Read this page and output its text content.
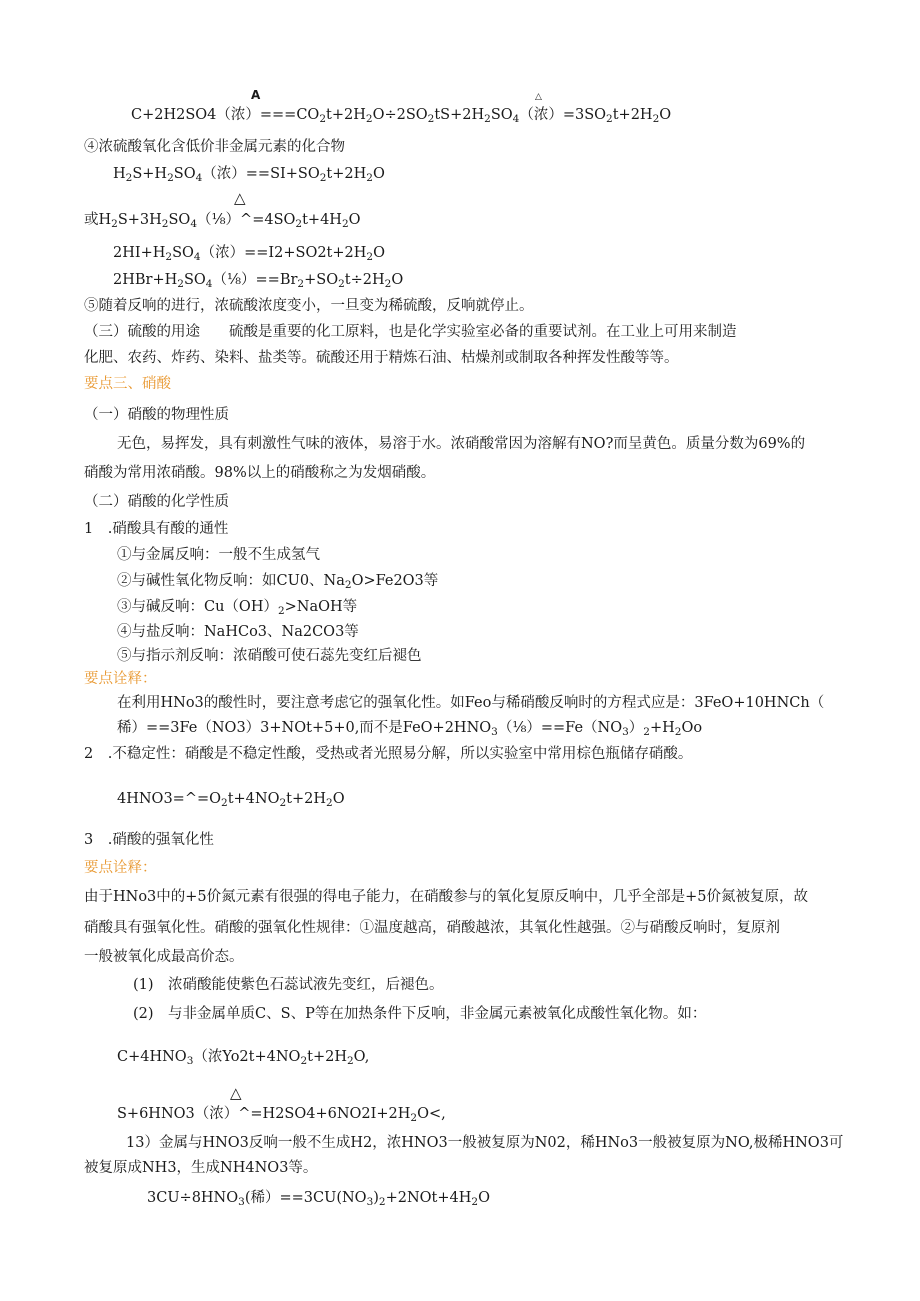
A	△
△
△
C+2H2SO4（浓）$===CO_2t+2H_2O\div 2SO_2tS+2H_2SO_4$（浓）$=3SO_2t+2H_2O$
④浓硫酸氧化含低价非金属元素的化合物
$H_2S+H_2SO_4$（浓）$==SI+SO_2t+2H_2O$
或$H_2S+3H_2SO_4(\frac{1}{8})\^{}=4SO_2t+4H_2O$
$2HI+H_2SO_4$（浓）$==I2+SO2t+2H_2O$
$2HBr+H_2SO_4(\frac{1}{8})==Br_2+SO_2t\div 2H_2O$
⑤随着反响的进行，浓硫酸浓度变小，一旦变为稀硫酸，反响就停止。
（三）硫酸的用途　　硫酸是重要的化工原料，也是化学实验室必备的重要试剂。在工业上可用来制造
化肥、农药、炸药、染料、盐类等。硫酸还用于精炼石油、枯燥剂或制取各种挥发性酸等等。
要点三、硝酸
（一）硝酸的物理性质
无色，易挥发，具有刺激性气味的液体，易溶于水。浓硝酸常因为溶解有NO?而呈黄色。质量分数为69%的
硝酸为常用浓硝酸。98%以上的硝酸称之为发烟硝酸。
（二）硝酸的化学性质
1　.硝酸具有酸的通性
①与金属反响：一般不生成氢气
②与碱性氧化物反响：如CU0、$Na_2O>Fe2O3$等
③与碱反响：$Cu(OH)_2>NaOH$等
④与盐反响：NaHCo3、Na2CO3等
⑤与指示剂反响：浓硝酸可使石蕊先变红后褪色
要点诠释：
在利用HNo3的酸性时，要注意考虑它的强氧化性。如Feo与稀硝酸反响时的方程式应是：3FeO+10HNCh（
稀）==3Fe（NO3）3+NOt+5+0,而不是$FeO+2HNO_3(\frac{1}{8})==Fe(NO_3)_2+H_2Oo$
2　.不稳定性：硝酸是不稳定性酸，受热或者光照易分解，所以实验室中常用棕色瓶储存硝酸。
$4HNO3=\^{}=O_2t+4NO_2t+2H_2O$
3　.硝酸的强氧化性
要点诠释：
由于HNo3中的+5价氮元素有很强的得电子能力，在硝酸参与的氧化复原反响中，几乎全部是+5价氮被复原，故
硝酸具有强氧化性。硝酸的强氧化性规律：①温度越高，硝酸越浓，其氧化性越强。②与硝酸反响时，复原剂
一般被氧化成最高价态。
(1)　浓硝酸能使紫色石蕊试液先变红，后褪色。
(2)　与非金属单质C、S、P等在加热条件下反响，非金属元素被氧化成酸性氧化物。如：
$C+4HNO_3$（浓$Yo2t+4NO_2t+2H_2O$,
S+6HNO3（浓）$\^{}=H2SO4+6NO2I+2H_2O<$,
13）金属与HNO3反响一般不生成H2，浓HNO3一般被复原为N02，稀HNo3一般被复原为NO,极稀HNO3可
被复原成NH3，生成NH4NO3等。
$3CU\div 8HNO_3$(稀）$==3CU(NO_3)_2+2NOt+4H_2O$
